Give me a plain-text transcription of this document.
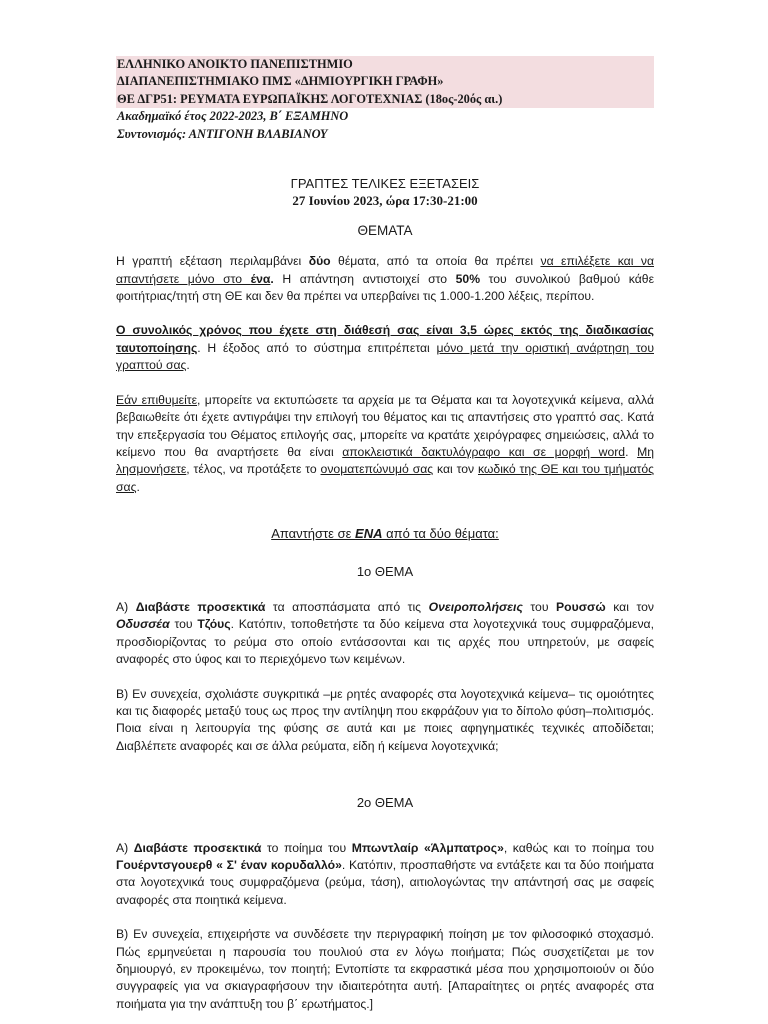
ΕΛΛΗΝΙΚΟ ΑΝΟΙΚΤΟ ΠΑΝΕΠΙΣΤΗΜΙΟ
ΔΙΑΠΑΝΕΠΙΣΤΗΜΙΑΚΟ ΠΜΣ «ΔΗΜΙΟΥΡΓΙΚΗ ΓΡΑΦΗ»
ΘΕ ΔΓΡ51: ΡΕΥΜΑΤΑ ΕΥΡΩΠΑΪΚΗΣ ΛΟΓΟΤΕΧΝΙΑΣ (18ος-20ός αι.)
Ακαδημαϊκό έτος 2022-2023, Β΄ ΕΞΑΜΗΝΟ
Συντονισμός: ΑΝΤΙΓΟΝΗ ΒΛΑΒΙΑΝΟΥ
ΓΡΑΠΤΕΣ ΤΕΛΙΚΕΣ ΕΞΕΤΑΣΕΙΣ
27 Ιουνίου 2023, ώρα 17:30-21:00
ΘΕΜΑΤΑ

Η γραπτή εξέταση περιλαμβάνει δύο θέματα, από τα οποία θα πρέπει να επιλέξετε και να απαντήσετε μόνο στο ένα. Η απάντηση αντιστοιχεί στο 50% του συνολικού βαθμού κάθε φοιτήτριας/τητή στη ΘΕ και δεν θα πρέπει να υπερβαίνει τις 1.000-1.200 λέξεις, περίπου.

Ο συνολικός χρόνος που έχετε στη διάθεσή σας είναι 3,5 ώρες εκτός της διαδικασίας ταυτοποίησης. Η έξοδος από το σύστημα επιτρέπεται μόνο μετά την οριστική ανάρτηση του γραπτού σας.

Εάν επιθυμείτε, μπορείτε να εκτυπώσετε τα αρχεία με τα Θέματα και τα λογοτεχνικά κείμενα, αλλά βεβαιωθείτε ότι έχετε αντιγράψει την επιλογή του θέματος και τις απαντήσεις στο γραπτό σας. Κατά την επεξεργασία του Θέματος επιλογής σας, μπορείτε να κρατάτε χειρόγραφες σημειώσεις, αλλά το κείμενο που θα αναρτήσετε θα είναι αποκλειστικά δακτυλόγραφο και σε μορφή word. Μη λησμονήσετε, τέλος, να προτάξετε το ονοματεπώνυμό σας και τον κωδικό της ΘΕ και του τμήματός σας.

Απαντήστε σε ΕΝΑ από τα δύο θέματα:
1ο ΘΕΜΑ

Α) Διαβάστε προσεκτικά τα αποσπάσματα από τις Ονειροπολήσεις του Ρουσσώ και τον Οδυσσέα του Τζόυς. Κατόπιν, τοποθετήστε τα δύο κείμενα στα λογοτεχνικά τους συμφραζόμενα, προσδιορίζοντας το ρεύμα στο οποίο εντάσσονται και τις αρχές που υπηρετούν, με σαφείς αναφορές στο ύφος και το περιεχόμενο των κειμένων.

Β) Εν συνεχεία, σχολιάστε συγκριτικά –με ρητές αναφορές στα λογοτεχνικά κείμενα– τις ομοιότητες και τις διαφορές μεταξύ τους ως προς την αντίληψη που εκφράζουν για το δίπολο φύση–πολιτισμός. Ποια είναι η λειτουργία της φύσης σε αυτά και με ποιες αφηγηματικές τεχνικές αποδίδεται; Διαβλέπετε αναφορές και σε άλλα ρεύματα, είδη ή κείμενα λογοτεχνικά;

2ο ΘΕΜΑ

Α) Διαβάστε προσεκτικά το ποίημα του Μπωντλαίρ «Άλμπατρος», καθώς και το ποίημα του Γουέρντσγουερθ « Σ' έναν κορυδαλλό». Κατόπιν, προσπαθήστε να εντάξετε και τα δύο ποιήματα στα λογοτεχνικά τους συμφραζόμενα (ρεύμα, τάση), αιτιολογώντας την απάντησή σας με σαφείς αναφορές στα ποιητικά κείμενα.

Β) Εν συνεχεία, επιχειρήστε να συνδέσετε την περιγραφική ποίηση με τον φιλοσοφικό στοχασμό. Πώς ερμηνεύεται η παρουσία του πουλιού στα εν λόγω ποιήματα; Πώς συσχετίζεται με τον δημιουργό, εν προκειμένω, τον ποιητή; Εντοπίστε τα εκφραστικά μέσα που χρησιμοποιούν οι δύο συγγραφείς για να σκιαγραφήσουν την ιδιαιτερότητα αυτή. [Απαραίτητες οι ρητές αναφορές στα ποιήματα για την ανάπτυξη του β΄ ερωτήματος.]
